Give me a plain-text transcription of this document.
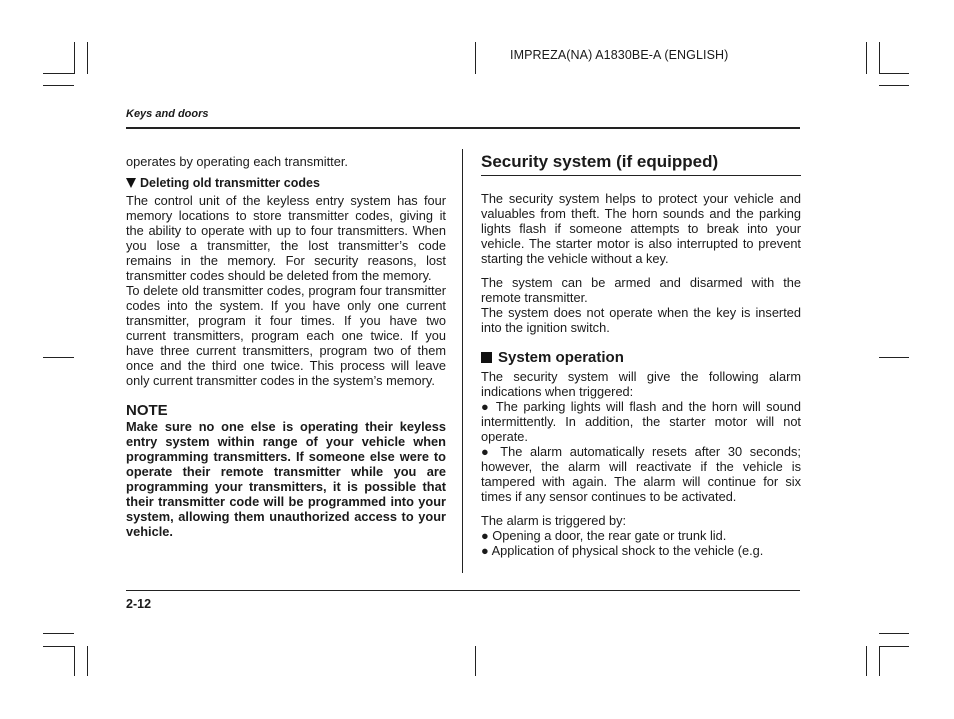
IMPREZA(NA) A1830BE-A (ENGLISH)
Keys and doors

operates by operating each transmitter.

Deleting old transmitter codes

The control unit of the keyless entry system has four memory locations to store transmitter codes, giving it the ability to operate with up to four transmitters. When you lose a transmitter, the lost transmitter’s code remains in the memory. For security reasons, lost transmitter codes should be deleted from the memory.

To delete old transmitter codes, program four transmitter codes into the system. If you have only one current transmitter, program it four times. If you have two current transmitters, program each one twice. If you have three current transmitters, program two of them once and the third one twice. This process will leave only current transmitter codes in the system’s memory.

NOTE

Make sure no one else is operating their keyless entry system within range of your vehicle when programming transmitters. If someone else were to operate their remote transmitter while you are programming your transmitters, it is possible that their transmitter code will be programmed into your system, allowing them unauthorized access to your vehicle.

Security system (if equipped)

The security system helps to protect your vehicle and valuables from theft. The horn sounds and the parking lights flash if someone attempts to break into your vehicle. The starter motor is also interrupted to prevent starting the vehicle without a key.

The system can be armed and disarmed with the remote transmitter.

The system does not operate when the key is inserted into the ignition switch.

System operation

The security system will give the following alarm indications when triggered:

● The parking lights will flash and the horn will sound intermittently. In addition, the starter motor will not operate.

● The alarm automatically resets after 30 seconds; however, the alarm will reactivate if the vehicle is tampered with again. The alarm will continue for six times if any sensor continues to be activated.

The alarm is triggered by:

● Opening a door, the rear gate or trunk lid.

● Application of physical shock to the vehicle (e.g.

2-12
